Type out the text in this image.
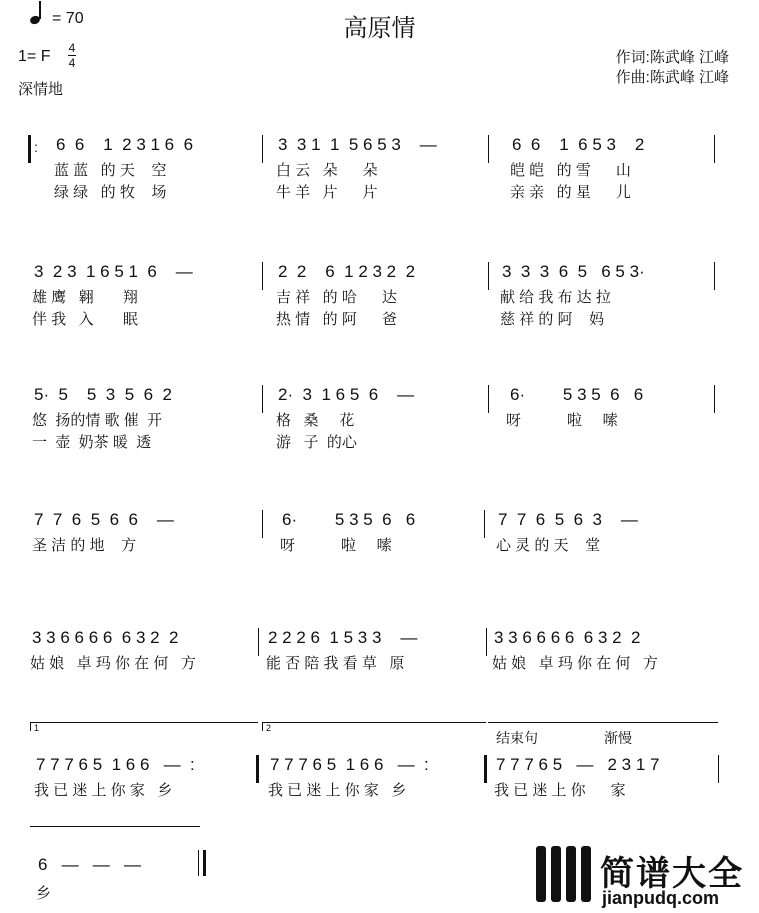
高原情
= 70
1= F 4
4
深情地
作词:陈武峰 江峰
作曲:陈武峰 江峰
: 6  6    1  2 3 1 6  6	3  3 1  1  5 6 5 3    —	6  6    1  6 5 3    2
蓝 蓝   的 天    空	白 云   朵      朵	皑 皑   的 雪      山
绿 绿   的 牧    场	牛 羊   片      片	亲 亲   的 星      儿
3  2 3  1 6 5 1  6    —	2  2    6  1 2 3 2  2	3  3  3  6  5   6 5 3·
雄 鹰   翱       翔	吉 祥   的 哈      达	献 给 我 布 达 拉
伴 我   入       眠	热 情   的 阿      爸	慈 祥 的 阿    妈
5·  5    5  3  5  6  2	2·  3  1 6 5  6    —	6·        5 3 5  6   6
悠  扬的情 歌 催  开	格   桑     花	呀           啦     嗦
一  壶  奶茶 暖  透	游   子  的心
7  7  6  5  6  6    —	6·        5 3 5  6   6	7  7  6  5  6  3    —
圣 洁 的 地    方	呀           啦     嗦	心 灵 的 天    堂
3 3 6 6 6 6  6 3 2  2	2 2 2 6  1 5 3 3    —	3 3 6 6 6 6  6 3 2  2
姑 娘   卓 玛 你 在 何   方	能 否 陪 我 看 草   原	姑 娘   卓 玛 你 在 何   方
1	2
结束句	渐慢
7 7 7 6 5  1 6 6   —  :	7 7 7 6 5  1 6 6   —  :	7 7 7 6 5   —   2 3 1 7
我 已 迷 上 你 家   乡	我 已 迷 上 你 家   乡	我 已 迷 上 你      家
6   —   —   —
乡
简谱大全
jianpudq.com
